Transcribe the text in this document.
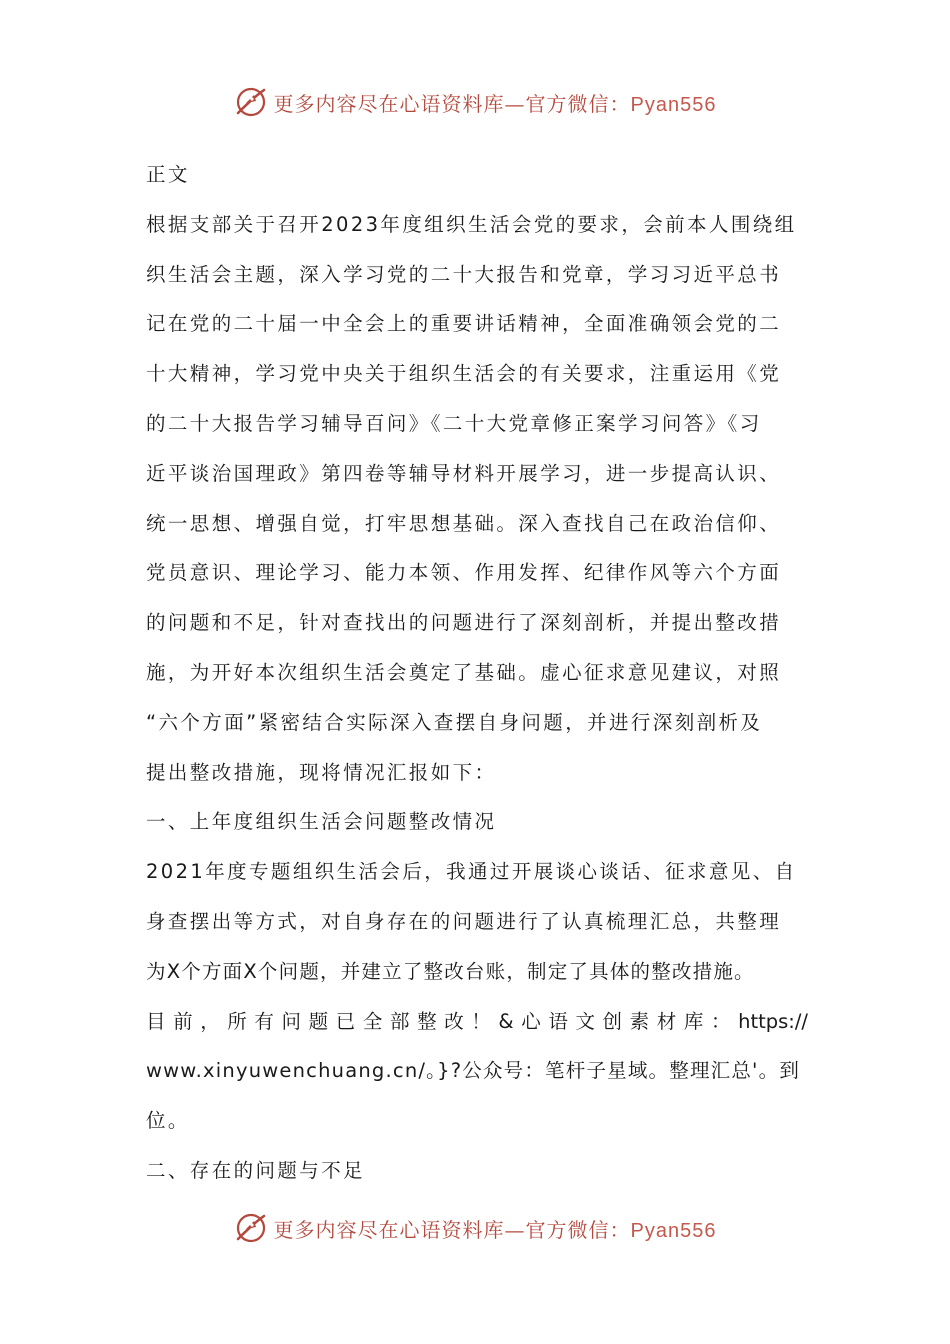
更多内容尽在心语资料库—官方微信：Pyan556
正文
根据支部关于召开2023年度组织生活会党的要求，会前本人围绕组
织生活会主题，深入学习党的二十大报告和党章，学习习近平总书
记在党的二十届一中全会上的重要讲话精神，全面准确领会党的二
十大精神，学习党中央关于组织生活会的有关要求，注重运用《党
的二十大报告学习辅导百问》《二十大党章修正案学习问答》《习
近平谈治国理政》第四卷等辅导材料开展学习，进一步提高认识、
统一思想、增强自觉，打牢思想基础。深入查找自己在政治信仰、
党员意识、理论学习、能力本领、作用发挥、纪律作风等六个方面
的问题和不足，针对查找出的问题进行了深刻剖析，并提出整改措
施，为开好本次组织生活会奠定了基础。虚心征求意见建议，对照
“六个方面”紧密结合实际深入查摆自身问题，并进行深刻剖析及
提出整改措施，现将情况汇报如下：
一、上年度组织生活会问题整改情况
2021年度专题组织生活会后，我通过开展谈心谈话、征求意见、自
身查摆出等方式，对自身存在的问题进行了认真梳理汇总，共整理
为X个方面X个问题，并建立了整改台账，制定了具体的整改措施。
目前，所有问题已全部整改！&心语文创素材库：https://
www.xinyuwenchuang.cn/。}?公众号：笔杆子星域。整理汇总'。到
位。
二、存在的问题与不足
更多内容尽在心语资料库—官方微信：Pyan556
